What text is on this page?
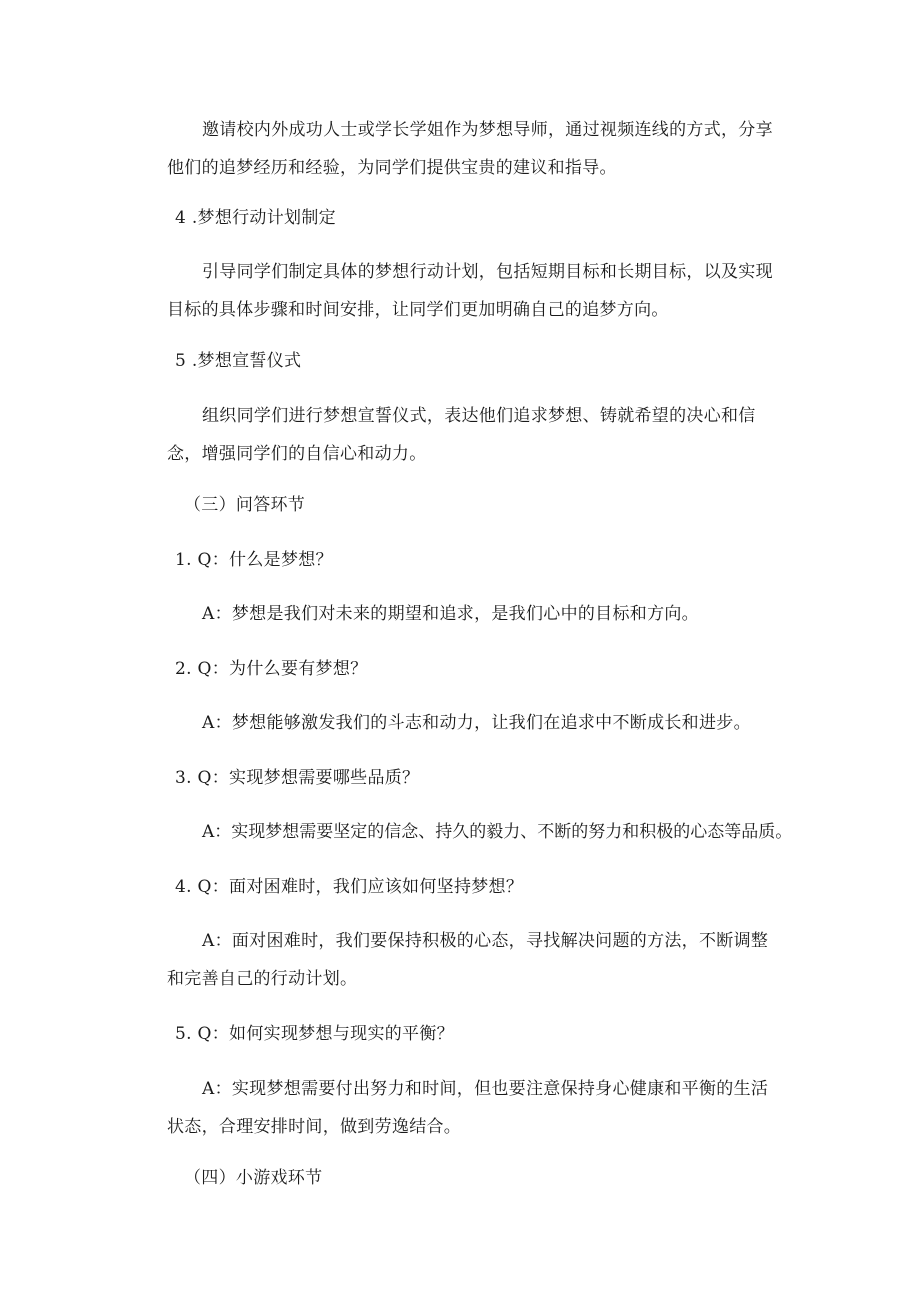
邀请校内外成功人士或学长学姐作为梦想导师，通过视频连线的方式，分享他们的追梦经历和经验，为同学们提供宝贵的建议和指导。
4 .梦想行动计划制定
引导同学们制定具体的梦想行动计划，包括短期目标和长期目标，以及实现目标的具体步骤和时间安排，让同学们更加明确自己的追梦方向。
5 .梦想宣誓仪式
组织同学们进行梦想宣誓仪式，表达他们追求梦想、铸就希望的决心和信念，增强同学们的自信心和动力。
（三）问答环节
1. Q：什么是梦想？
A：梦想是我们对未来的期望和追求，是我们心中的目标和方向。
2. Q：为什么要有梦想？
A：梦想能够激发我们的斗志和动力，让我们在追求中不断成长和进步。
3. Q：实现梦想需要哪些品质？
A：实现梦想需要坚定的信念、持久的毅力、不断的努力和积极的心态等品质。
4. Q：面对困难时，我们应该如何坚持梦想？
A：面对困难时，我们要保持积极的心态，寻找解决问题的方法，不断调整和完善自己的行动计划。
5. Q：如何实现梦想与现实的平衡？
A：实现梦想需要付出努力和时间，但也要注意保持身心健康和平衡的生活状态，合理安排时间，做到劳逸结合。
（四）小游戏环节
